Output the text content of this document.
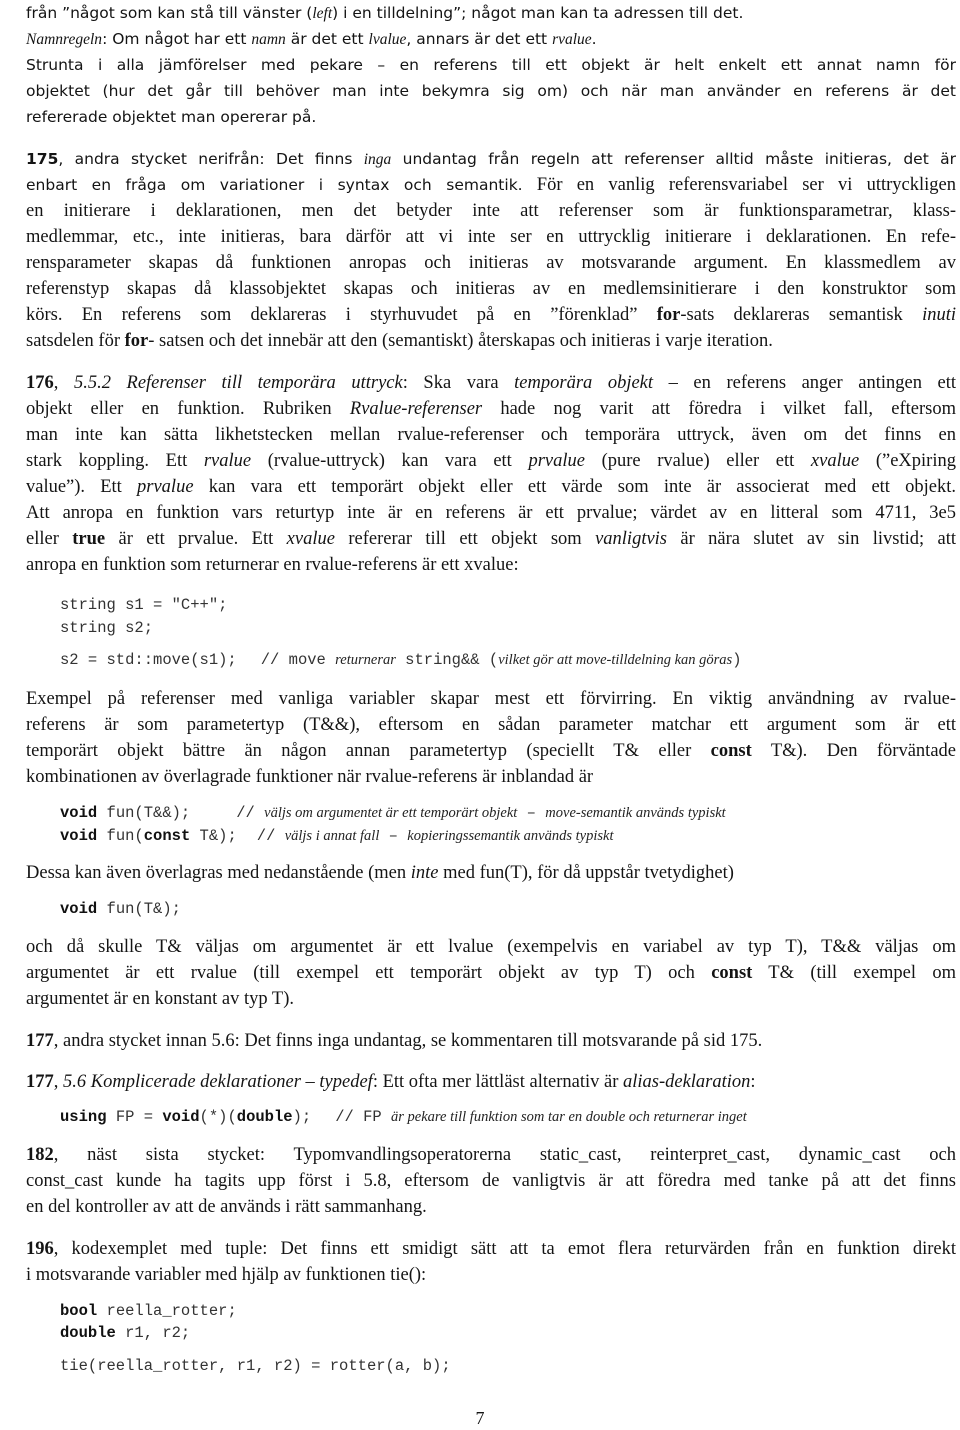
från ”något som kan stå till vänster (left) i en tilldelning”; något man kan ta adressen till det.
Namnregeln: Om något har ett namn är det ett lvalue, annars är det ett rvalue.
Strunta i alla jämförelser med pekare – en referens till ett objekt är helt enkelt ett annat namn för
objektet (hur det går till behöver man inte bekymra sig om) och när man använder en referens är det
refererade objektet man opererar på.
175, andra stycket nerifrån: Det finns inga undantag från regeln att referenser alltid måste initieras, det är
enbart en fråga om variationer i syntax och semantik. För en vanlig referensvariabel ser vi uttryckligen
en initierare i deklarationen, men det betyder inte att referenser som är funktionsparametrar, klass-
medlemmar, etc., inte initieras, bara därför att vi inte ser en uttrycklig initierare i deklarationen. En refe-
rensparameter skapas då funktionen anropas och initieras av motsvarande argument. En klassmedlem av
referenstyp skapas då klassobjektet skapas och initieras av en medlemsinitierare i den konstruktor som
körs. En referens som deklareras i styrhuvudet på en ”förenklad” for-sats deklareras semantisk inuti
satsdelen för for- satsen och det innebär att den (semantiskt) återskapas och initieras i varje iteration.
176, 5.5.2 Referenser till temporära uttryck: Ska vara temporära objekt – en referens anger antingen ett
objekt eller en funktion. Rubriken Rvalue-referenser hade nog varit att föredra i vilket fall, eftersom
man inte kan sätta likhetstecken mellan rvalue-referenser och temporära uttryck, även om det finns en
stark koppling. Ett rvalue (rvalue-uttryck) kan vara ett prvalue (pure rvalue) eller ett xvalue (”eXpiring
value”). Ett prvalue kan vara ett temporärt objekt eller ett värde som inte är associerat med ett objekt.
Att anropa en funktion vars returtyp inte är en referens är ett prvalue; värdet av en litteral som 4711, 3e5
eller true är ett prvalue. Ett xvalue refererar till ett objekt som vanligtvis är nära slutet av sin livstid; att
anropa en funktion som returnerar en rvalue-referens är ett xvalue:
string s1 = "C++";
string s2;
s2 = std::move(s1); // move returnerar string&& (vilket gör att move-tilldelning kan göras)
Exempel på referenser med vanliga variabler skapar mest ett förvirring. En viktig användning av rvalue-
referens är som parametertyp (T&&), eftersom en sådan parameter matchar ett argument som är ett
temporärt objekt bättre än någon annan parametertyp (speciellt T& eller const T&). Den förväntade
kombinationen av överlagrade funktioner när rvalue-referens är inblandad är
void fun(T&&);	// väljs om argumentet är ett temporärt objekt – move-semantik används typiskt
void fun(const T&); // väljs i annat fall – kopieringssemantik används typiskt
Dessa kan även överlagras med nedanstående (men inte med fun(T), för då uppstår tvetydighet)
void fun(T&);
och då skulle T& väljas om argumentet är ett lvalue (exempelvis en variabel av typ T), T&& väljas om
argumentet är ett rvalue (till exempel ett temporärt objekt av typ T) och const T& (till exempel om
argumentet är en konstant av typ T).
177, andra stycket innan 5.6: Det finns inga undantag, se kommentaren till motsvarande på sid 175.
177, 5.6 Komplicerade deklarationer – typedef: Ett ofta mer lättläst alternativ är alias-deklaration:
using FP = void(*)(double); // FP är pekare till funktion som tar en double och returnerar inget
182, näst sista stycket: Typomvandlingsoperatorerna static_cast, reinterpret_cast, dynamic_cast och
const_cast kunde ha tagits upp först i 5.8, eftersom de vanligtvis är att föredra med tanke på att det finns
en del kontroller av att de används i rätt sammanhang.
196, kodexemplet med tuple: Det finns ett smidigt sätt att ta emot flera returvärden från en funktion direkt
i motsvarande variabler med hjälp av funktionen tie():
bool reella_rotter;
double r1, r2;
tie(reella_rotter, r1, r2) = rotter(a, b);
7
